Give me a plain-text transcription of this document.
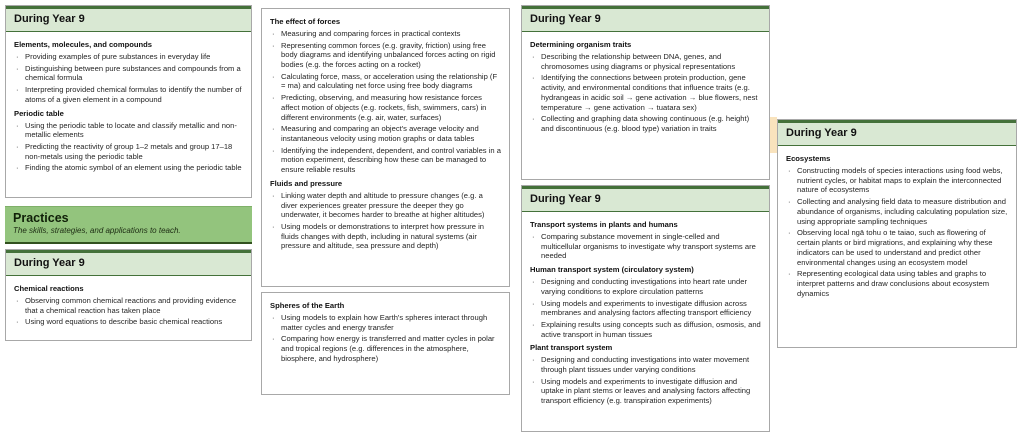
During Year 9
Elements, molecules, and compounds
· Providing examples of pure substances in everyday life
· Distinguishing between pure substances and compounds from a chemical formula
· Interpreting provided chemical formulas to identify the number of atoms of a given element in a compound
Periodic table
· Using the periodic table to locate and classify metallic and non-metallic elements
· Predicting the reactivity of group 1–2 metals and group 17–18 non-metals using the periodic table
· Finding the atomic symbol of an element using the periodic table
Practices
The skills, strategies, and applications to teach.
During Year 9
Chemical reactions
· Observing common chemical reactions and providing evidence that a chemical reaction has taken place
· Using word equations to describe basic chemical reactions
The effect of forces
· Measuring and comparing forces in practical contexts
· Representing common forces (e.g. gravity, friction) using free body diagrams and identifying unbalanced forces acting on rigid bodies (e.g. the forces acting on a rocket)
· Calculating force, mass, or acceleration using the relationship (F = ma) and calculating net force using free body diagrams
· Predicting, observing, and measuring how resistance forces affect motion of objects (e.g. rockets, fish, swimmers, cars) in different environments (e.g. air, water, surfaces)
· Measuring and comparing an object's average velocity and instantaneous velocity using motion graphs or data tables
· Identifying the independent, dependent, and control variables in a motion experiment, describing how these can be managed to ensure reliable results
Fluids and pressure
· Linking water depth and altitude to pressure changes (e.g. a diver experiences greater pressure the deeper they go underwater, it becomes harder to breathe at higher altitudes)
· Using models or demonstrations to interpret how pressure in fluids changes with depth, including in natural systems (air pressure and altitude, sea pressure and depth)
Spheres of the Earth
· Using models to explain how Earth's spheres interact through matter cycles and energy transfer
· Comparing how energy is transferred and matter cycles in polar and tropical regions (e.g. differences in the atmosphere, biosphere, and hydrosphere)
During Year 9
Determining organism traits
· Describing the relationship between DNA, genes, and chromosomes using diagrams or physical representations
· Identifying the connections between protein production, gene activity, and environmental conditions that influence traits (e.g. hydrangeas in acidic soil → gene activation → blue flowers, nest temperature → gene activation → tuatara sex)
· Collecting and graphing data showing continuous (e.g. height) and discontinuous (e.g. blood type) variation in traits
During Year 9
Transport systems in plants and humans
· Comparing substance movement in single-celled and multicellular organisms to investigate why transport systems are needed
Human transport system (circulatory system)
· Designing and conducting investigations into heart rate under varying conditions to explore circulation patterns
· Using models and experiments to investigate diffusion across membranes and analysing factors affecting transport efficiency
· Explaining results using concepts such as diffusion, osmosis, and active transport in human tissues
Plant transport system
· Designing and conducting investigations into water movement through plant tissues under varying conditions
· Using models and experiments to investigate diffusion and uptake in plant stems or leaves and analysing factors affecting transport efficiency (e.g. transpiration experiments)
During Year 9
Ecosystems
· Constructing models of species interactions using food webs, nutrient cycles, or habitat maps to explain the interconnected nature of ecosystems
· Collecting and analysing field data to measure distribution and abundance of organisms, including calculating population size, using appropriate sampling techniques
· Observing local ngā tohu o te taiao, such as flowering of certain plants or bird migrations, and explaining why these indicators can be used to understand and predict other environmental changes using an ecosystem model
· Representing ecological data using tables and graphs to interpret patterns and draw conclusions about ecosystem dynamics
